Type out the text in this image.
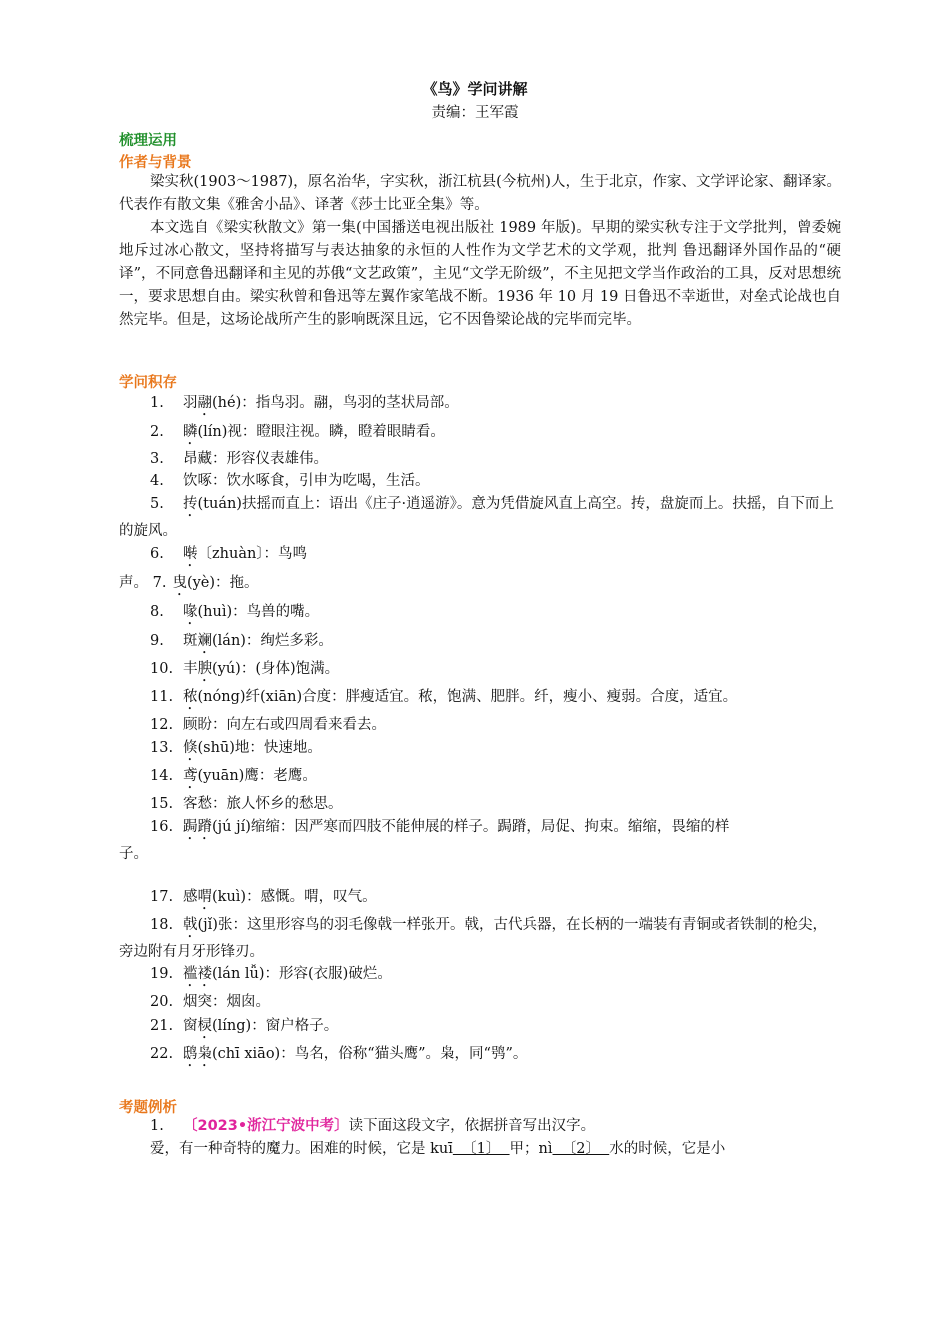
《鸟》学问讲解
责编：王军霞
梳理运用
作者与背景

梁实秋(1903～1987)，原名治华，字实秋，浙江杭县(今杭州)人，生于北京，作家、文学评论家、翻译家。代表作有散文集《雅舍小品》、译著《莎士比亚全集》等。

本文选自《梁实秋散文》第一集(中国播送电视出版社 1989 年版)。早期的梁实秋专注于文学批判，曾委婉地斥过冰心散文，坚持将描写与表达抽象的永恒的人性作为文学艺术的文学观，批判 鲁迅翻译外国作品的“硬译”，不同意鲁迅翻译和主见的苏俄“文艺政策”，主见“文学无阶级”，不主见把文学当作政治的工具，反对思想统一，要求思想自由。梁实秋曾和鲁迅等左翼作家笔战不断。1936 年 10 月 19 日鲁迅不幸逝世，对垒式论战也自然完毕。但是，这场论战所产生的影响既深且远，它不因鲁梁论战的完毕而完毕。

学问积存
1. 羽翮(hé)：指鸟羽。翮，鸟羽的茎状局部。
2. 瞵(lín)视：瞪眼注视。瞵，瞪着眼睛看。
3. 昂藏：形容仪表雄伟。
4. 饮啄：饮水啄食，引申为吃喝，生活。
5. 抟(tuán)扶摇而直上：语出《庄子·逍遥游》。意为凭借旋风直上高空。抟，盘旋而上。扶摇，自下而上的旋风。
6. 啭〔zhuàn〕：鸟鸣
声。 7. 曳(yè)：拖。
8. 喙(huì)：鸟兽的嘴。
9. 斑斓(lán)：绚烂多彩。
10. 丰腴(yú)：(身体)饱满。
11. 秾(nóng)纤(xiān)合度：胖瘦适宜。秾，饱满、肥胖。纤，瘦小、瘦弱。合度，适宜。
12. 顾盼：向左右或四周看来看去。
13. 倏(shū)地：快速地。
14. 鸢(yuān)鹰：老鹰。
15. 客愁：旅人怀乡的愁思。
16. 跼蹐(jú jí)缩缩：因严寒而四肢不能伸展的样子。跼蹐，局促、拘束。缩缩，畏缩的样
子。
17. 感喟(kuì)：感慨。喟，叹气。
18. 戟(jǐ)张：这里形容鸟的羽毛像戟一样张开。戟，古代兵器，在长柄的一端装有青铜或者铁制的枪尖，旁边附有月牙形锋刃。
19. 褴褛(lán lǚ)：形容(衣服)破烂。
20. 烟突：烟囱。
21. 窗棂(líng)：窗户格子。
22. 鸱枭(chī xiāo)：鸟名，俗称“猫头鹰”。枭，同“鸮”。
考题例析
1. 〔2023•浙江宁波中考〕读下面这段文字，依据拼音写出汉字。
爱，有一种奇特的魔力。困难的时候，它是 kuī  〔1〕  甲；nì  〔2〕  水的时候，它是小
